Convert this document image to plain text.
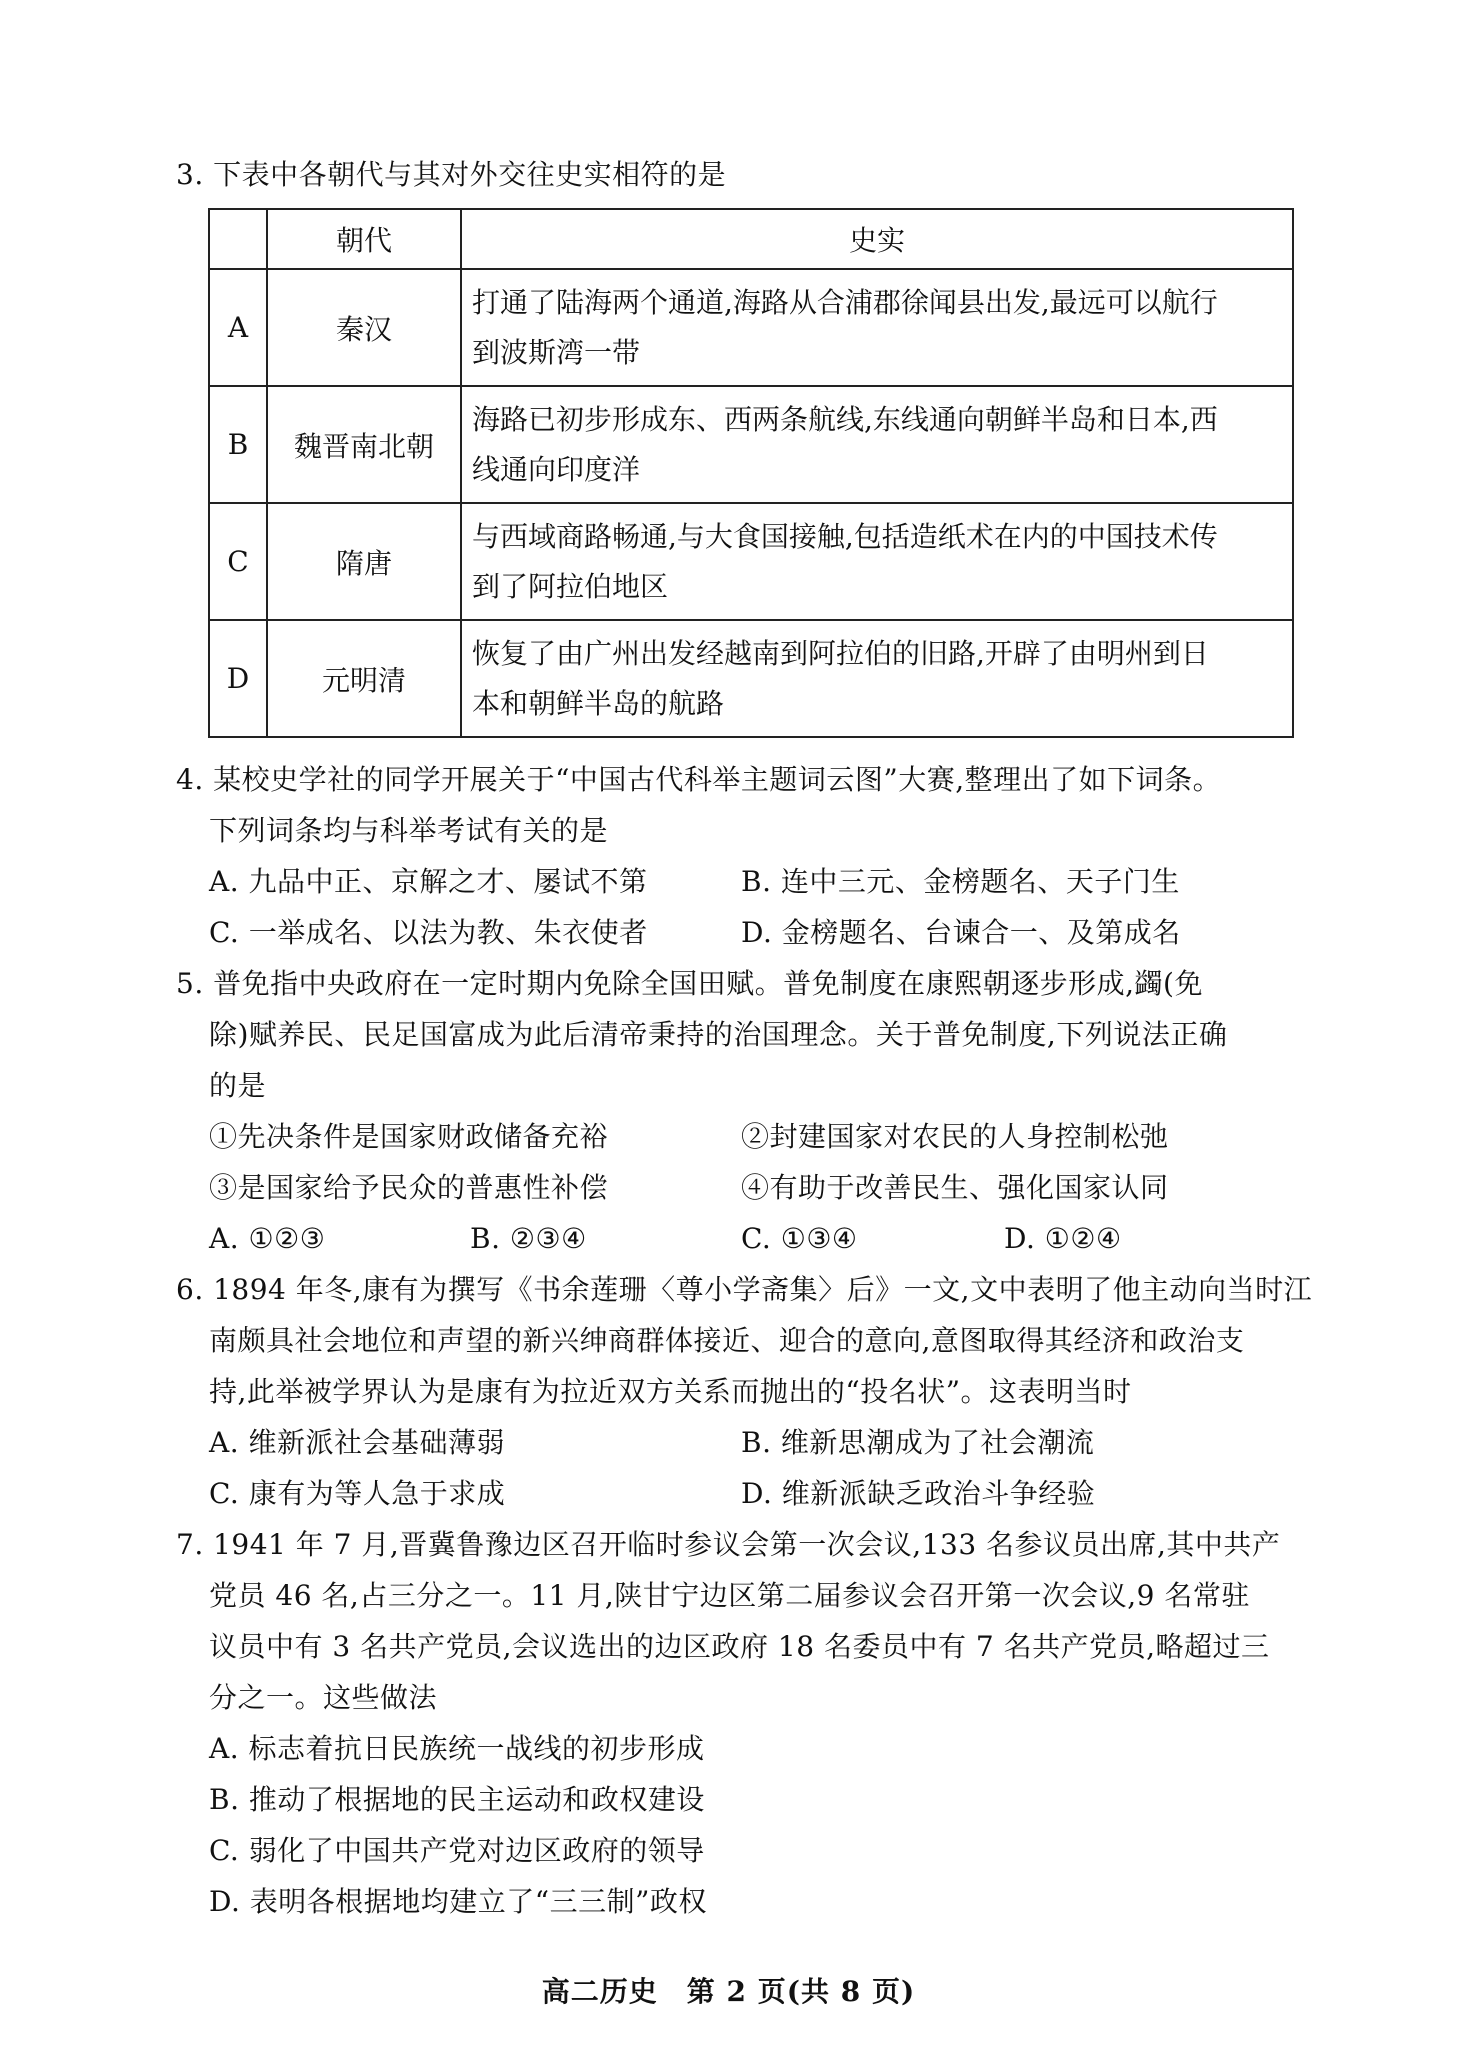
3. 下表中各朝代与其对外交往史实相符的是
	朝代	史实
A	秦汉	打通了陆海两个通道,海路从合浦郡徐闻县出发,最远可以航行
到波斯湾一带

B	魏晋南北朝	海路已初步形成东、西两条航线,东线通向朝鲜半岛和日本,西
线通向印度洋

C	隋唐	与西域商路畅通,与大食国接触,包括造纸术在内的中国技术传
到了阿拉伯地区

D	元明清	恢复了由广州出发经越南到阿拉伯的旧路,开辟了由明州到日
本和朝鲜半岛的航路
4. 某校史学社的同学开展关于“中国古代科举主题词云图”大赛,整理出了如下词条。
下列词条均与科举考试有关的是
A. 九品中正、京解之才、屡试不第	B. 连中三元、金榜题名、天子门生
C. 一举成名、以法为教、朱衣使者	D. 金榜题名、台谏合一、及第成名
5. 普免指中央政府在一定时期内免除全国田赋。普免制度在康熙朝逐步形成,蠲(免
除)赋养民、民足国富成为此后清帝秉持的治国理念。关于普免制度,下列说法正确
的是
①先决条件是国家财政储备充裕	②封建国家对农民的人身控制松弛
③是国家给予民众的普惠性补偿	④有助于改善民生、强化国家认同
A. ①②③	B. ②③④	C. ①③④	D. ①②④
6. 1894 年冬,康有为撰写《书余莲珊〈尊小学斋集〉后》一文,文中表明了他主动向当时江
南颇具社会地位和声望的新兴绅商群体接近、迎合的意向,意图取得其经济和政治支
持,此举被学界认为是康有为拉近双方关系而抛出的“投名状”。这表明当时
A. 维新派社会基础薄弱	B. 维新思潮成为了社会潮流
C. 康有为等人急于求成	D. 维新派缺乏政治斗争经验
7. 1941 年 7 月,晋冀鲁豫边区召开临时参议会第一次会议,133 名参议员出席,其中共产
党员 46 名,占三分之一。11 月,陕甘宁边区第二届参议会召开第一次会议,9 名常驻
议员中有 3 名共产党员,会议选出的边区政府 18 名委员中有 7 名共产党员,略超过三
分之一。这些做法
A. 标志着抗日民族统一战线的初步形成
B. 推动了根据地的民主运动和政权建设
C. 弱化了中国共产党对边区政府的领导
D. 表明各根据地均建立了“三三制”政权
高二历史　第 2 页(共 8 页)
